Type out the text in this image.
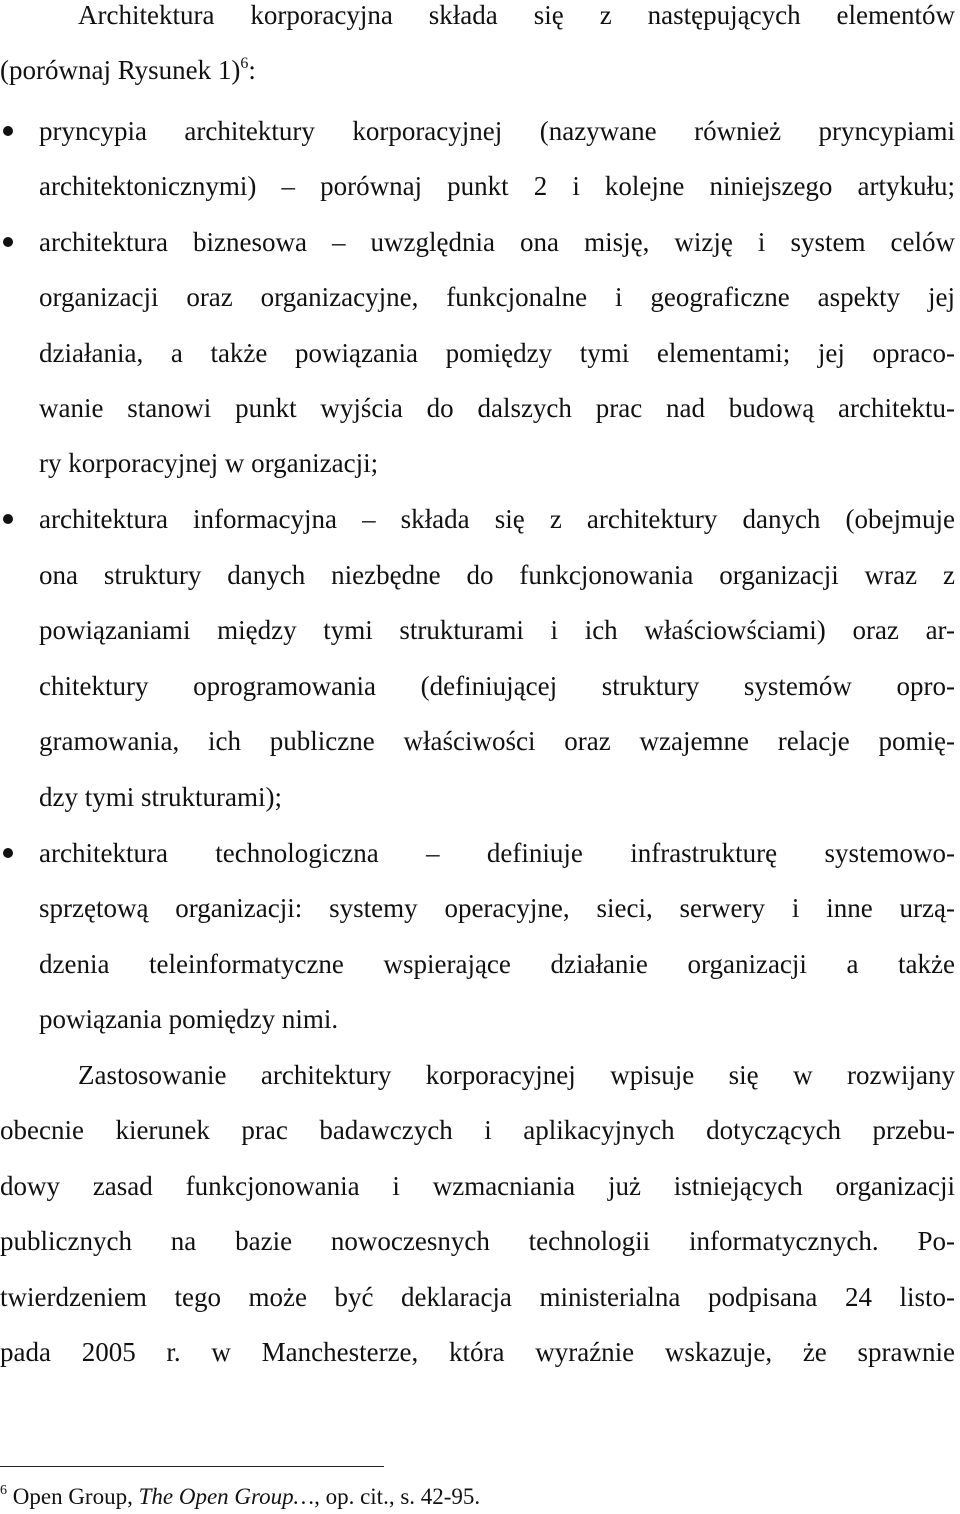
Architektura korporacyjna składa się z następujących elementów
(porównaj Rysunek 1)$^6$:
pryncypia architektury korporacyjnej (nazywane również pryncypiami
architektonicznymi) – porównaj punkt 2 i kolejne niniejszego artykułu;
architektura biznesowa – uwzględnia ona misję, wizję i system celów
organizacji oraz organizacyjne, funkcjonalne i geograficzne aspekty jej
działania, a także powiązania pomiędzy tymi elementami; jej opraco-
wanie stanowi punkt wyjścia do dalszych prac nad budową architektu-
ry korporacyjnej w organizacji;
architektura informacyjna – składa się z architektury danych (obejmuje
ona struktury danych niezbędne do funkcjonowania organizacji wraz z
powiązaniami między tymi strukturami i ich właściowściami) oraz ar-
chitektury oprogramowania (definiującej struktury systemów opro-
gramowania, ich publiczne właściwości oraz wzajemne relacje pomię-
dzy tymi strukturami);
architektura technologiczna – definiuje infrastrukturę systemowo-
sprzętową organizacji: systemy operacyjne, sieci, serwery i inne urzą-
dzenia teleinformatyczne wspierające działanie organizacji a także
powiązania pomiędzy nimi.
Zastosowanie architektury korporacyjnej wpisuje się w rozwijany
obecnie kierunek prac badawczych i aplikacyjnych dotyczących przebu-
dowy zasad funkcjonowania i wzmacniania już istniejących organizacji
publicznych na bazie nowoczesnych technologii informatycznych. Po-
twierdzeniem tego może być deklaracja ministerialna podpisana 24 listo-
pada 2005 r. w Manchesterze, która wyraźnie wskazuje, że sprawnie
$^6$ Open Group, The Open Group…, op. cit., s. 42-95.
